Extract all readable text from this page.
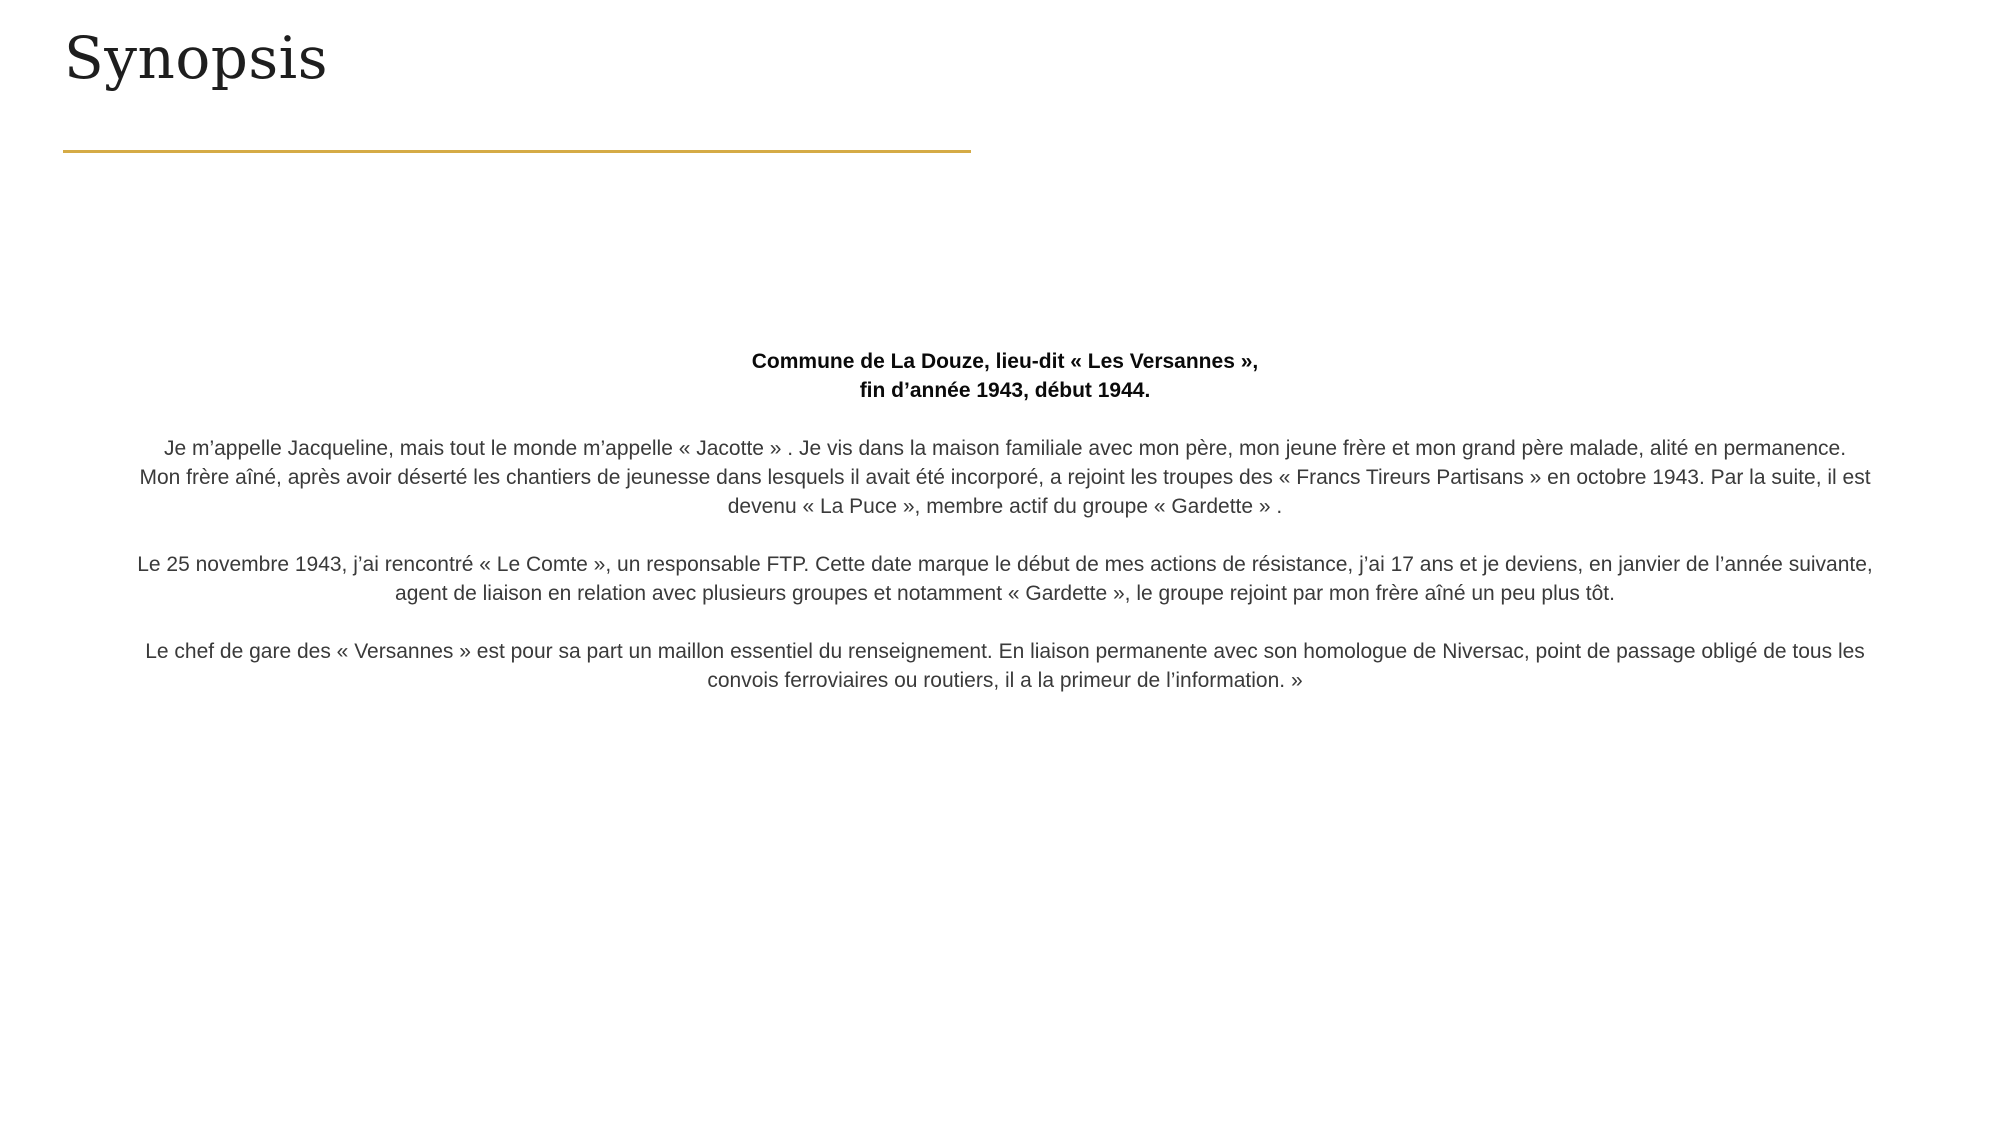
Synopsis

Commune de La Douze, lieu-dit « Les Versannes »,
fin d’année 1943, début 1944.

Je m’appelle Jacqueline, mais tout le monde m’appelle « Jacotte » . Je vis dans la maison familiale avec mon père, mon jeune frère et mon grand père malade, alité en permanence.
Mon frère aîné, après avoir déserté les chantiers de jeunesse dans lesquels il avait été incorporé, a rejoint les troupes des « Francs Tireurs Partisans » en octobre 1943. Par la suite, il est devenu « La Puce », membre actif du groupe « Gardette » .

Le 25 novembre 1943, j’ai rencontré « Le Comte », un responsable FTP. Cette date marque le début de mes actions de résistance, j’ai 17 ans et je deviens, en janvier de l’année suivante, agent de liaison en relation avec plusieurs groupes et notamment « Gardette », le groupe rejoint par mon frère aîné un peu plus tôt.

Le chef de gare des « Versannes » est pour sa part un maillon essentiel du renseignement. En liaison permanente avec son homologue de Niversac, point de passage obligé de tous les convois ferroviaires ou routiers, il a la primeur de l’information. »
